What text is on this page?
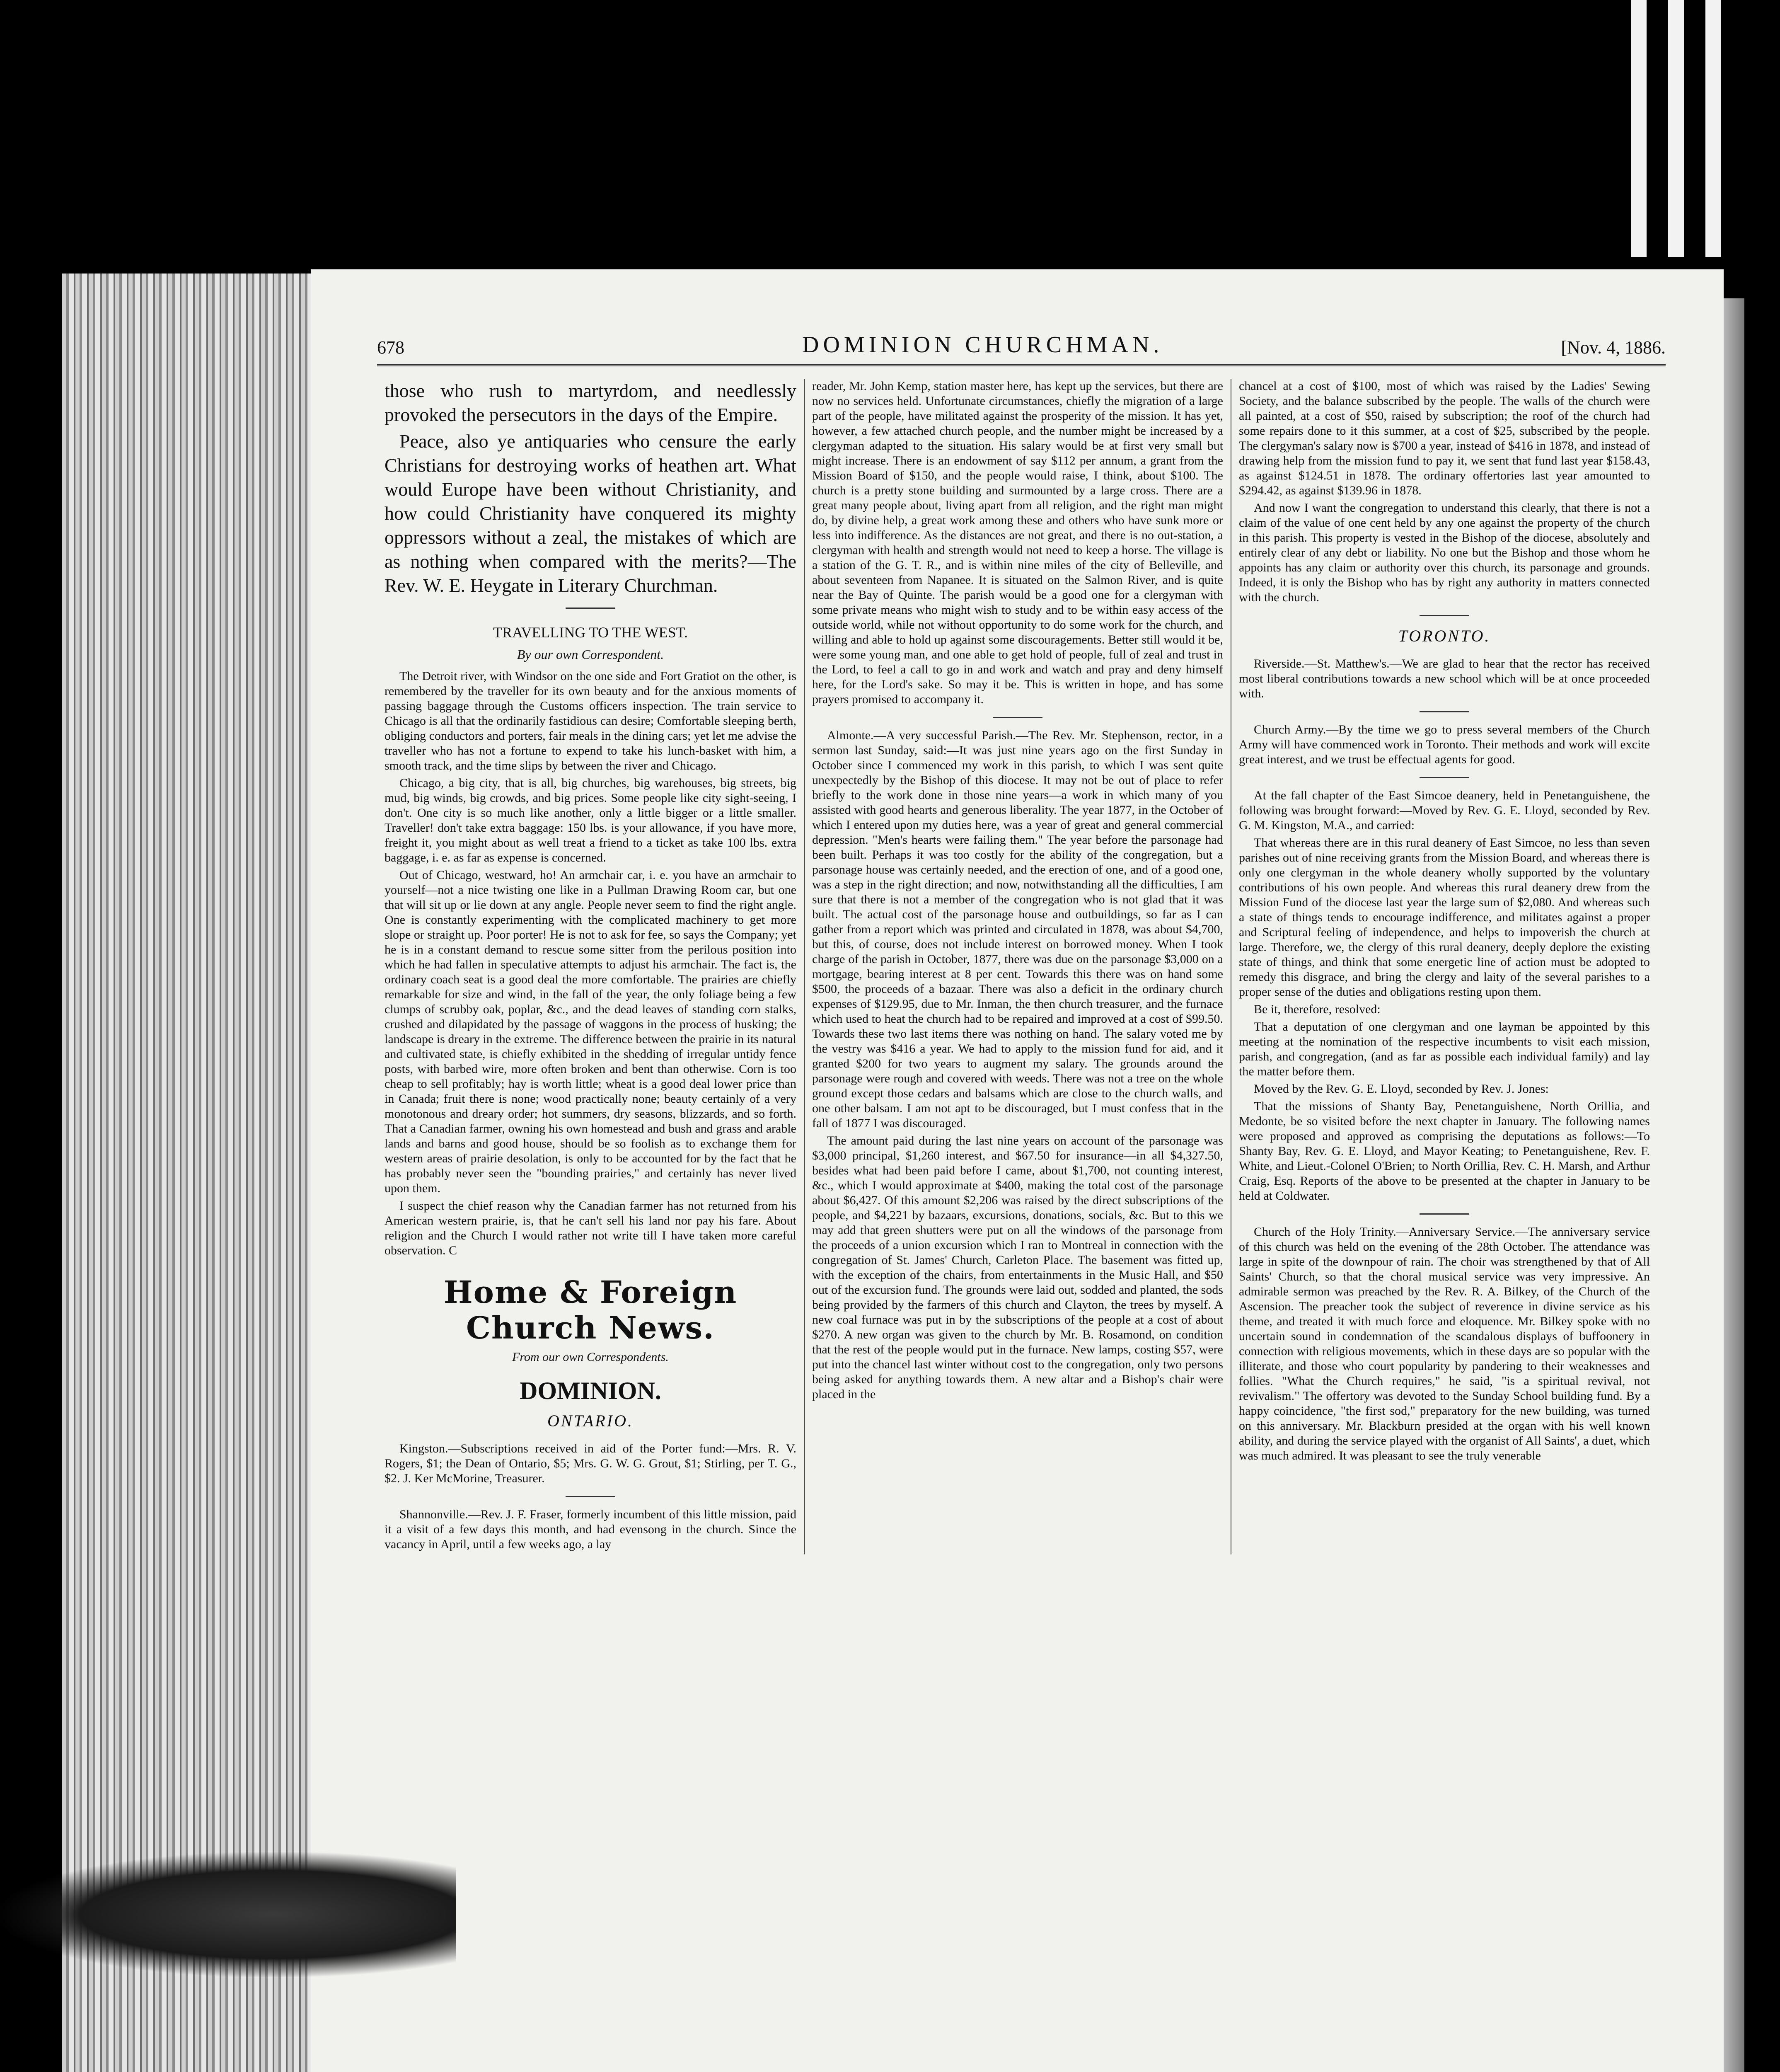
678	DOMINION CHURCHMAN.	[Nov. 4, 1886.

those who rush to martyrdom, and needlessly provoked the persecutors in the days of the Empire.

Peace, also ye antiquaries who censure the early Christians for destroying works of heathen art. What would Europe have been without Christianity, and how could Christianity have conquered its mighty oppressors without a zeal, the mistakes of which are as nothing when compared with the merits?—The Rev. W. E. Heygate in Literary Churchman.

TRAVELLING TO THE WEST.
By our own Correspondent.

The Detroit river, with Windsor on the one side and Fort Gratiot on the other, is remembered by the traveller for its own beauty and for the anxious moments of passing baggage through the Customs officers inspection. The train service to Chicago is all that the ordinarily fastidious can desire; Comfortable sleeping berth, obliging conductors and porters, fair meals in the dining cars; yet let me advise the traveller who has not a fortune to expend to take his lunch-basket with him, a smooth track, and the time slips by between the river and Chicago.

Chicago, a big city, that is all, big churches, big warehouses, big streets, big mud, big winds, big crowds, and big prices. Some people like city sight-seeing, I don't. One city is so much like another, only a little bigger or a little smaller. Traveller! don't take extra baggage: 150 lbs. is your allowance, if you have more, freight it, you might about as well treat a friend to a ticket as take 100 lbs. extra baggage, i. e. as far as expense is concerned.

Out of Chicago, westward, ho! An armchair car, i. e. you have an armchair to yourself—not a nice twisting one like in a Pullman Drawing Room car, but one that will sit up or lie down at any angle. People never seem to find the right angle. One is constantly experimenting with the complicated machinery to get more slope or straight up. Poor porter! He is not to ask for fee, so says the Company; yet he is in a constant demand to rescue some sitter from the perilous position into which he had fallen in speculative attempts to adjust his armchair. The fact is, the ordinary coach seat is a good deal the more comfortable. The prairies are chiefly remarkable for size and wind, in the fall of the year, the only foliage being a few clumps of scrubby oak, poplar, &c., and the dead leaves of standing corn stalks, crushed and dilapidated by the passage of waggons in the process of husking; the landscape is dreary in the extreme. The difference between the prairie in its natural and cultivated state, is chiefly exhibited in the shedding of irregular untidy fence posts, with barbed wire, more often broken and bent than otherwise. Corn is too cheap to sell profitably; hay is worth little; wheat is a good deal lower price than in Canada; fruit there is none; wood practically none; beauty certainly of a very monotonous and dreary order; hot summers, dry seasons, blizzards, and so forth. That a Canadian farmer, owning his own homestead and bush and grass and arable lands and barns and good house, should be so foolish as to exchange them for western areas of prairie desolation, is only to be accounted for by the fact that he has probably never seen the "bounding prairies," and certainly has never lived upon them.

I suspect the chief reason why the Canadian farmer has not returned from his American western prairie, is, that he can't sell his land nor pay his fare. About religion and the Church I would rather not write till I have taken more careful observation. C

Home & Foreign Church News.
From our own Correspondents.
DOMINION.
ONTARIO.

Kingston.—Subscriptions received in aid of the Porter fund:—Mrs. R. V. Rogers, $1; the Dean of Ontario, $5; Mrs. G. W. G. Grout, $1; Stirling, per T. G., $2. J. Ker McMorine, Treasurer.

Shannonville.—Rev. J. F. Fraser, formerly incumbent of this little mission, paid it a visit of a few days this month, and had evensong in the church. Since the vacancy in April, until a few weeks ago, a lay

reader, Mr. John Kemp, station master here, has kept up the services, but there are now no services held. Unfortunate circumstances, chiefly the migration of a large part of the people, have militated against the prosperity of the mission. It has yet, however, a few attached church people, and the number might be increased by a clergyman adapted to the situation. His salary would be at first very small but might increase. There is an endowment of say $112 per annum, a grant from the Mission Board of $150, and the people would raise, I think, about $100. The church is a pretty stone building and surmounted by a large cross. There are a great many people about, living apart from all religion, and the right man might do, by divine help, a great work among these and others who have sunk more or less into indifference. As the distances are not great, and there is no out-station, a clergyman with health and strength would not need to keep a horse. The village is a station of the G. T. R., and is within nine miles of the city of Belleville, and about seventeen from Napanee. It is situated on the Salmon River, and is quite near the Bay of Quinte. The parish would be a good one for a clergyman with some private means who might wish to study and to be within easy access of the outside world, while not without opportunity to do some work for the church, and willing and able to hold up against some discouragements. Better still would it be, were some young man, and one able to get hold of people, full of zeal and trust in the Lord, to feel a call to go in and work and watch and pray and deny himself here, for the Lord's sake. So may it be. This is written in hope, and has some prayers promised to accompany it.

Almonte.—A very successful Parish.—The Rev. Mr. Stephenson, rector, in a sermon last Sunday, said:—It was just nine years ago on the first Sunday in October since I commenced my work in this parish, to which I was sent quite unexpectedly by the Bishop of this diocese. It may not be out of place to refer briefly to the work done in those nine years—a work in which many of you assisted with good hearts and generous liberality. The year 1877, in the October of which I entered upon my duties here, was a year of great and general commercial depression. "Men's hearts were failing them." The year before the parsonage had been built. Perhaps it was too costly for the ability of the congregation, but a parsonage house was certainly needed, and the erection of one, and of a good one, was a step in the right direction; and now, notwithstanding all the difficulties, I am sure that there is not a member of the congregation who is not glad that it was built. The actual cost of the parsonage house and outbuildings, so far as I can gather from a report which was printed and circulated in 1878, was about $4,700, but this, of course, does not include interest on borrowed money. When I took charge of the parish in October, 1877, there was due on the parsonage $3,000 on a mortgage, bearing interest at 8 per cent. Towards this there was on hand some $500, the proceeds of a bazaar. There was also a deficit in the ordinary church expenses of $129.95, due to Mr. Inman, the then church treasurer, and the furnace which used to heat the church had to be repaired and improved at a cost of $99.50. Towards these two last items there was nothing on hand. The salary voted me by the vestry was $416 a year. We had to apply to the mission fund for aid, and it granted $200 for two years to augment my salary. The grounds around the parsonage were rough and covered with weeds. There was not a tree on the whole ground except those cedars and balsams which are close to the church walls, and one other balsam. I am not apt to be discouraged, but I must confess that in the fall of 1877 I was discouraged.

The amount paid during the last nine years on account of the parsonage was $3,000 principal, $1,260 interest, and $67.50 for insurance—in all $4,327.50, besides what had been paid before I came, about $1,700, not counting interest, &c., which I would approximate at $400, making the total cost of the parsonage about $6,427. Of this amount $2,206 was raised by the direct subscriptions of the people, and $4,221 by bazaars, excursions, donations, socials, &c. But to this we may add that green shutters were put on all the windows of the parsonage from the proceeds of a union excursion which I ran to Montreal in connection with the congregation of St. James' Church, Carleton Place. The basement was fitted up, with the exception of the chairs, from entertainments in the Music Hall, and $50 out of the excursion fund. The grounds were laid out, sodded and planted, the sods being provided by the farmers of this church and Clayton, the trees by myself. A new coal furnace was put in by the subscriptions of the people at a cost of about $270. A new organ was given to the church by Mr. B. Rosamond, on condition that the rest of the people would put in the furnace. New lamps, costing $57, were put into the chancel last winter without cost to the congregation, only two persons being asked for anything towards them. A new altar and a Bishop's chair were placed in the

chancel at a cost of $100, most of which was raised by the Ladies' Sewing Society, and the balance subscribed by the people. The walls of the church were all painted, at a cost of $50, raised by subscription; the roof of the church had some repairs done to it this summer, at a cost of $25, subscribed by the people. The clergyman's salary now is $700 a year, instead of $416 in 1878, and instead of drawing help from the mission fund to pay it, we sent that fund last year $158.43, as against $124.51 in 1878. The ordinary offertories last year amounted to $294.42, as against $139.96 in 1878.

And now I want the congregation to understand this clearly, that there is not a claim of the value of one cent held by any one against the property of the church in this parish. This property is vested in the Bishop of the diocese, absolutely and entirely clear of any debt or liability. No one but the Bishop and those whom he appoints has any claim or authority over this church, its parsonage and grounds. Indeed, it is only the Bishop who has by right any authority in matters connected with the church.

TORONTO.

Riverside.—St. Matthew's.—We are glad to hear that the rector has received most liberal contributions towards a new school which will be at once proceeded with.

Church Army.—By the time we go to press several members of the Church Army will have commenced work in Toronto. Their methods and work will excite great interest, and we trust be effectual agents for good.

At the fall chapter of the East Simcoe deanery, held in Penetanguishene, the following was brought forward:—Moved by Rev. G. E. Lloyd, seconded by Rev. G. M. Kingston, M.A., and carried:

That whereas there are in this rural deanery of East Simcoe, no less than seven parishes out of nine receiving grants from the Mission Board, and whereas there is only one clergyman in the whole deanery wholly supported by the voluntary contributions of his own people. And whereas this rural deanery drew from the Mission Fund of the diocese last year the large sum of $2,080. And whereas such a state of things tends to encourage indifference, and militates against a proper and Scriptural feeling of independence, and helps to impoverish the church at large. Therefore, we, the clergy of this rural deanery, deeply deplore the existing state of things, and think that some energetic line of action must be adopted to remedy this disgrace, and bring the clergy and laity of the several parishes to a proper sense of the duties and obligations resting upon them.

Be it, therefore, resolved:

That a deputation of one clergyman and one layman be appointed by this meeting at the nomination of the respective incumbents to visit each mission, parish, and congregation, (and as far as possible each individual family) and lay the matter before them.

Moved by the Rev. G. E. Lloyd, seconded by Rev. J. Jones:

That the missions of Shanty Bay, Penetanguishene, North Orillia, and Medonte, be so visited before the next chapter in January. The following names were proposed and approved as comprising the deputations as follows:—To Shanty Bay, Rev. G. E. Lloyd, and Mayor Keating; to Penetanguishene, Rev. F. White, and Lieut.-Colonel O'Brien; to North Orillia, Rev. C. H. Marsh, and Arthur Craig, Esq. Reports of the above to be presented at the chapter in January to be held at Coldwater.

Church of the Holy Trinity.—Anniversary Service.—The anniversary service of this church was held on the evening of the 28th October. The attendance was large in spite of the downpour of rain. The choir was strengthened by that of All Saints' Church, so that the choral musical service was very impressive. An admirable sermon was preached by the Rev. R. A. Bilkey, of the Church of the Ascension. The preacher took the subject of reverence in divine service as his theme, and treated it with much force and eloquence. Mr. Bilkey spoke with no uncertain sound in condemnation of the scandalous displays of buffoonery in connection with religious movements, which in these days are so popular with the illiterate, and those who court popularity by pandering to their weaknesses and follies. "What the Church requires," he said, "is a spiritual revival, not revivalism." The offertory was devoted to the Sunday School building fund. By a happy coincidence, "the first sod," preparatory for the new building, was turned on this anniversary. Mr. Blackburn presided at the organ with his well known ability, and during the service played with the organist of All Saints', a duet, which was much admired. It was pleasant to see the truly venerable
